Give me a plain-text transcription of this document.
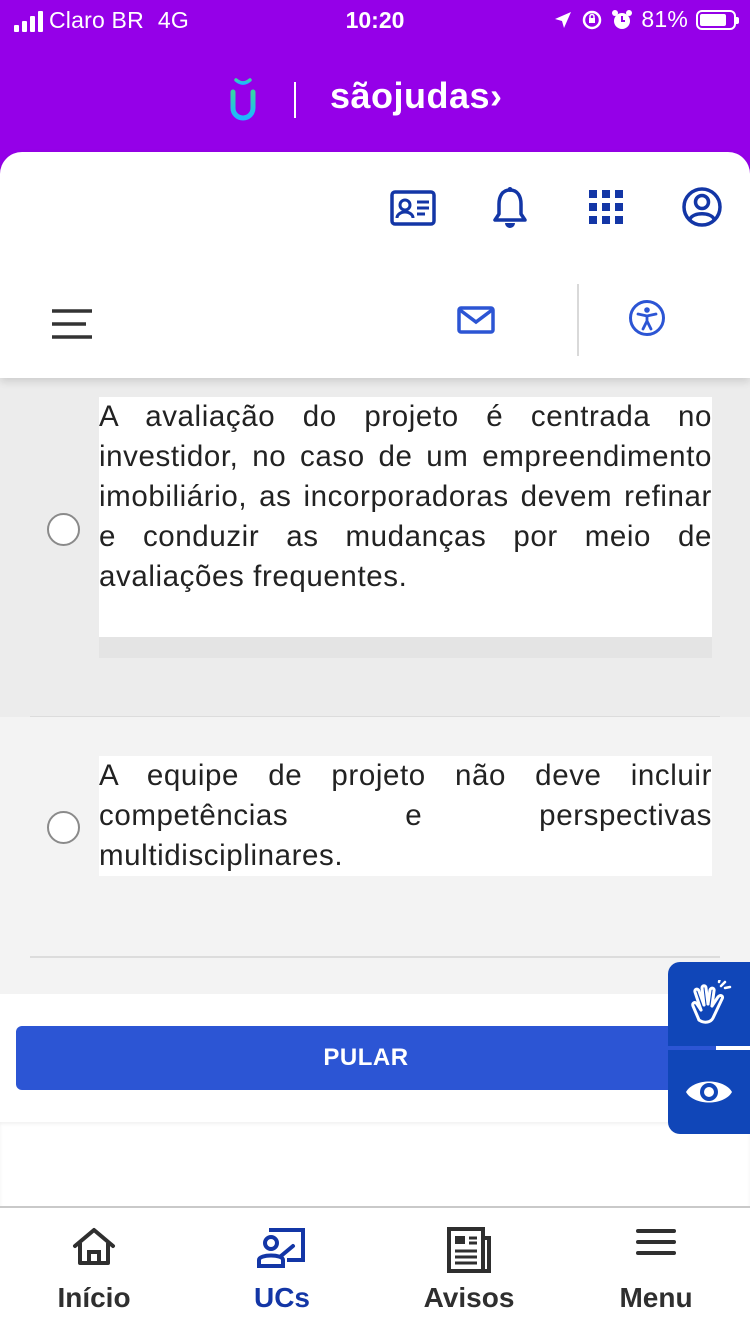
Claro BR 4G	10:20	81%
sãojudas›
A avaliação do projeto é centrada no investidor, no caso de um empreendimento imobiliário, as incorporadoras devem refinar e conduzir as mudanças por meio de avaliações frequentes.
A equipe de projeto não deve incluir competências e perspectivas multidisciplinares.
PULAR
Início	UCs	Avisos	Menu
